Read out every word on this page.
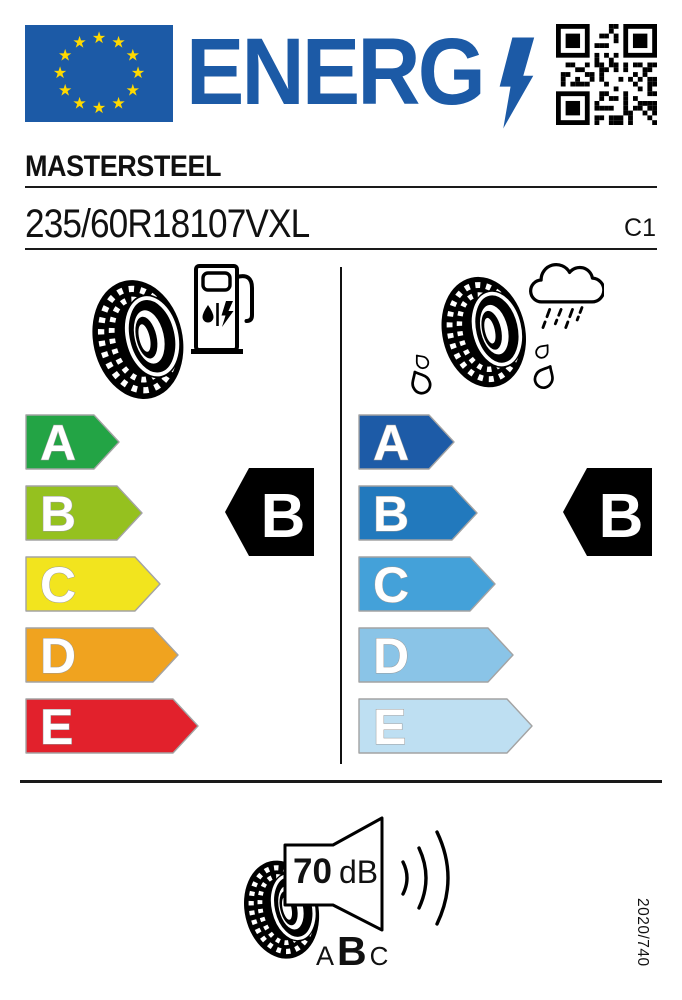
★ ★
★
★
★
★
★
★
★
★
★
★ ENERG
MASTERSTEEL
235/60R18107VXL	C1
A
B
C
D
E
A
B
C
D
E
B	B
70 dB
A B C	2020/740
